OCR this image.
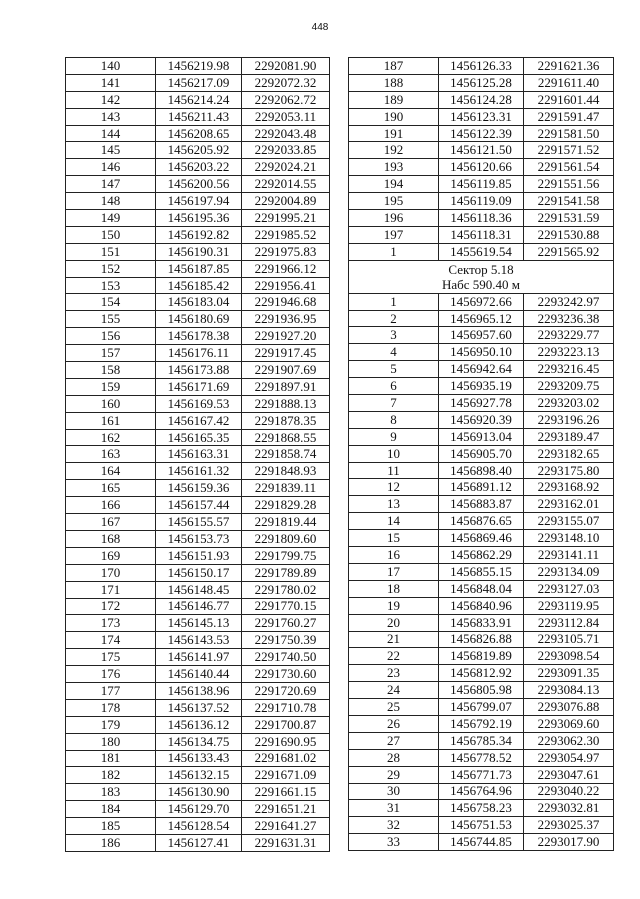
448
140	1456219.98	2292081.90
141	1456217.09	2292072.32
142	1456214.24	2292062.72
143	1456211.43	2292053.11
144	1456208.65	2292043.48
145	1456205.92	2292033.85
146	1456203.22	2292024.21
147	1456200.56	2292014.55
148	1456197.94	2292004.89
149	1456195.36	2291995.21
150	1456192.82	2291985.52
151	1456190.31	2291975.83
152	1456187.85	2291966.12
153	1456185.42	2291956.41
154	1456183.04	2291946.68
155	1456180.69	2291936.95
156	1456178.38	2291927.20
157	1456176.11	2291917.45
158	1456173.88	2291907.69
159	1456171.69	2291897.91
160	1456169.53	2291888.13
161	1456167.42	2291878.35
162	1456165.35	2291868.55
163	1456163.31	2291858.74
164	1456161.32	2291848.93
165	1456159.36	2291839.11
166	1456157.44	2291829.28
167	1456155.57	2291819.44
168	1456153.73	2291809.60
169	1456151.93	2291799.75
170	1456150.17	2291789.89
171	1456148.45	2291780.02
172	1456146.77	2291770.15
173	1456145.13	2291760.27
174	1456143.53	2291750.39
175	1456141.97	2291740.50
176	1456140.44	2291730.60
177	1456138.96	2291720.69
178	1456137.52	2291710.78
179	1456136.12	2291700.87
180	1456134.75	2291690.95
181	1456133.43	2291681.02
182	1456132.15	2291671.09
183	1456130.90	2291661.15
184	1456129.70	2291651.21
185	1456128.54	2291641.27
186	1456127.41	2291631.31
187	1456126.33	2291621.36
188	1456125.28	2291611.40
189	1456124.28	2291601.44
190	1456123.31	2291591.47
191	1456122.39	2291581.50
192	1456121.50	2291571.52
193	1456120.66	2291561.54
194	1456119.85	2291551.56
195	1456119.09	2291541.58
196	1456118.36	2291531.59
197	1456118.31	2291530.88
1	1455619.54	2291565.92

Сектор 5.18
Набс 590.40 м		

1	1456972.66	2293242.97
2	1456965.12	2293236.38
3	1456957.60	2293229.77
4	1456950.10	2293223.13
5	1456942.64	2293216.45
6	1456935.19	2293209.75
7	1456927.78	2293203.02
8	1456920.39	2293196.26
9	1456913.04	2293189.47
10	1456905.70	2293182.65
11	1456898.40	2293175.80
12	1456891.12	2293168.92
13	1456883.87	2293162.01
14	1456876.65	2293155.07
15	1456869.46	2293148.10
16	1456862.29	2293141.11
17	1456855.15	2293134.09
18	1456848.04	2293127.03
19	1456840.96	2293119.95
20	1456833.91	2293112.84
21	1456826.88	2293105.71
22	1456819.89	2293098.54
23	1456812.92	2293091.35
24	1456805.98	2293084.13
25	1456799.07	2293076.88
26	1456792.19	2293069.60
27	1456785.34	2293062.30
28	1456778.52	2293054.97
29	1456771.73	2293047.61
30	1456764.96	2293040.22
31	1456758.23	2293032.81
32	1456751.53	2293025.37
33	1456744.85	2293017.90
